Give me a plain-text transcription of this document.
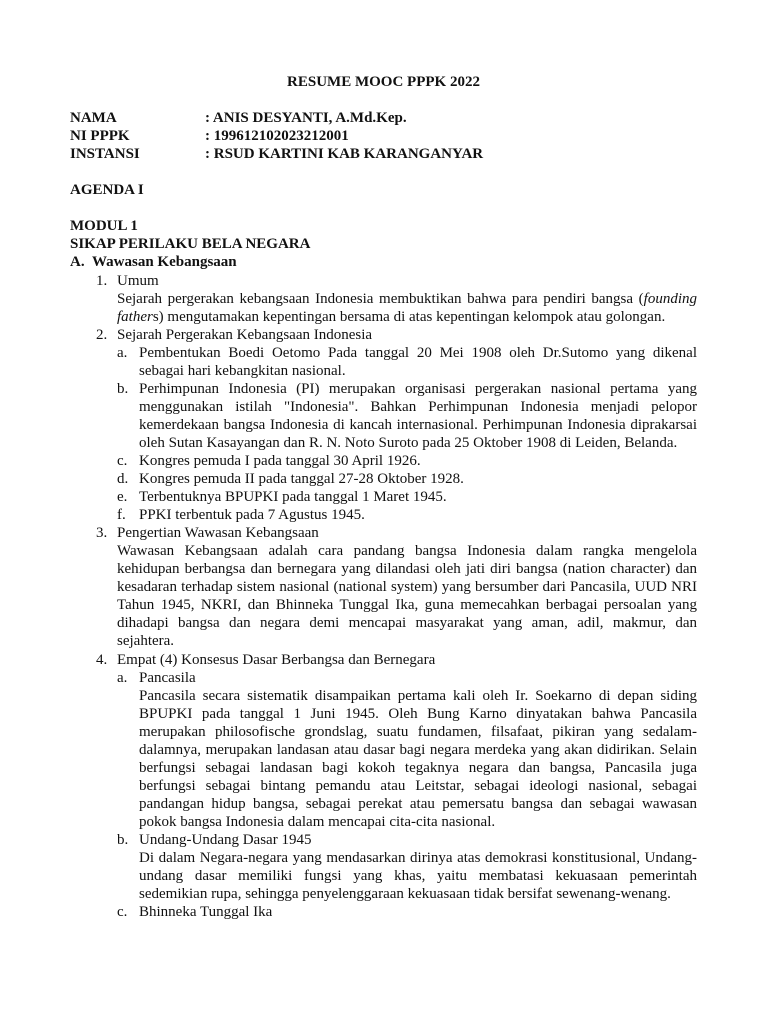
RESUME MOOC PPPK 2022
NAMA	: ANIS DESYANTI, A.Md.Kep.
NI PPPK	: 199612102023212001
INSTANSI	: RSUD KARTINI KAB KARANGANYAR
AGENDA I
MODUL 1
SIKAP PERILAKU BELA NEGARA
A. Wawasan Kebangsaan
1. Umum
Sejarah pergerakan kebangsaan Indonesia membuktikan bahwa para pendiri bangsa (founding
fathers) mengutamakan kepentingan bersama di atas kepentingan kelompok atau golongan.
2. Sejarah Pergerakan Kebangsaan Indonesia
a. Pembentukan Boedi Oetomo Pada tanggal 20 Mei 1908 oleh Dr.Sutomo yang dikenal
sebagai hari kebangkitan nasional.
b. Perhimpunan Indonesia (PI) merupakan organisasi pergerakan nasional pertama yang
menggunakan istilah "Indonesia". Bahkan Perhimpunan Indonesia menjadi pelopor
kemerdekaan bangsa Indonesia di kancah internasional. Perhimpunan Indonesia diprakarsai
oleh Sutan Kasayangan dan R. N. Noto Suroto pada 25 Oktober 1908 di Leiden, Belanda.
c. Kongres pemuda I pada tanggal 30 April 1926.
d. Kongres pemuda II pada tanggal 27-28 Oktober 1928.
e. Terbentuknya BPUPKI pada tanggal 1 Maret 1945.
f. PPKI terbentuk pada 7 Agustus 1945.
3. Pengertian Wawasan Kebangsaan
Wawasan Kebangsaan adalah cara pandang bangsa Indonesia dalam rangka mengelola
kehidupan berbangsa dan bernegara yang dilandasi oleh jati diri bangsa (nation character) dan
kesadaran terhadap sistem nasional (national system) yang bersumber dari Pancasila, UUD NRI
Tahun 1945, NKRI, dan Bhinneka Tunggal Ika, guna memecahkan berbagai persoalan yang
dihadapi bangsa dan negara demi mencapai masyarakat yang aman, adil, makmur, dan
sejahtera.
4. Empat (4) Konsesus Dasar Berbangsa dan Bernegara
a. Pancasila
Pancasila secara sistematik disampaikan pertama kali oleh Ir. Soekarno di depan siding
BPUPKI pada tanggal 1 Juni 1945. Oleh Bung Karno dinyatakan bahwa Pancasila
merupakan philosofische grondslag, suatu fundamen, filsafaat, pikiran yang sedalam-
dalamnya, merupakan landasan atau dasar bagi negara merdeka yang akan didirikan. Selain
berfungsi sebagai landasan bagi kokoh tegaknya negara dan bangsa, Pancasila juga
berfungsi sebagai bintang pemandu atau Leitstar, sebagai ideologi nasional, sebagai
pandangan hidup bangsa, sebagai perekat atau pemersatu bangsa dan sebagai wawasan
pokok bangsa Indonesia dalam mencapai cita-cita nasional.
b. Undang-Undang Dasar 1945
Di dalam Negara-negara yang mendasarkan dirinya atas demokrasi konstitusional, Undang-
undang dasar memiliki fungsi yang khas, yaitu membatasi kekuasaan pemerintah
sedemikian rupa, sehingga penyelenggaraan kekuasaan tidak bersifat sewenang-wenang.
c. Bhinneka Tunggal Ika
